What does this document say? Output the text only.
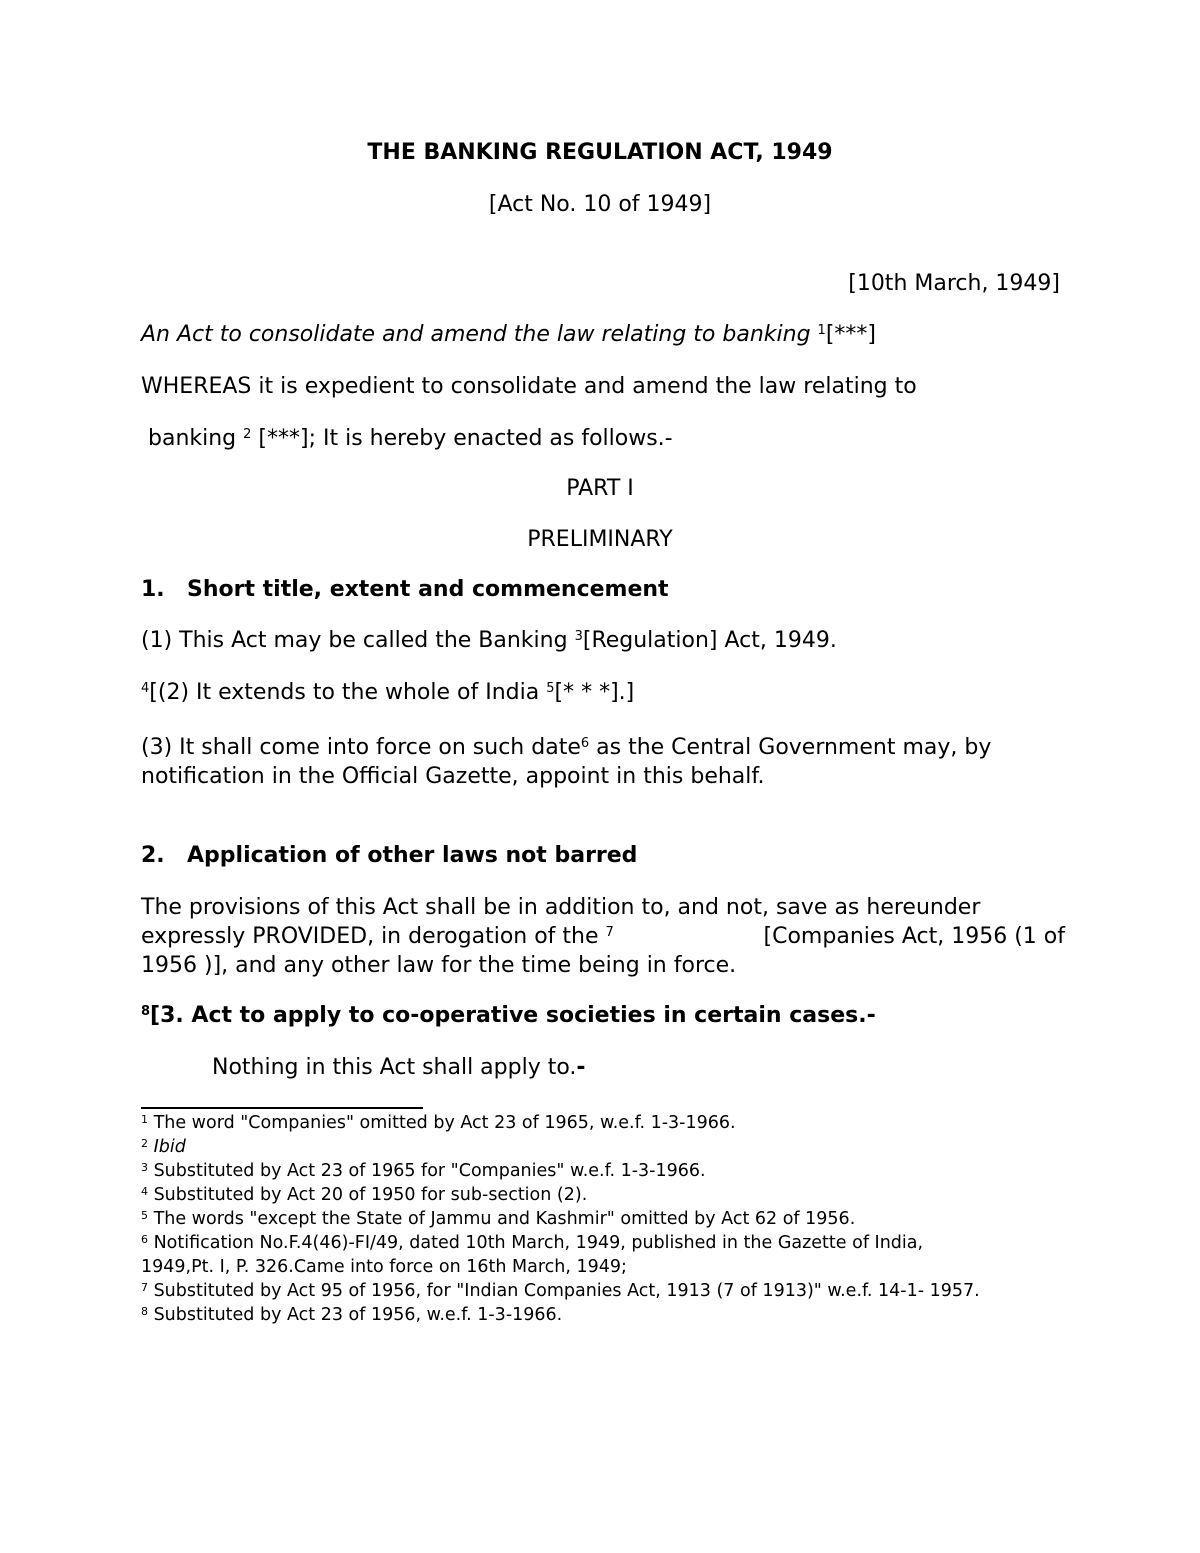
THE BANKING REGULATION ACT, 1949
[Act No. 10 of 1949]
[10th March, 1949]
An Act to consolidate and amend the law relating to banking $^1$[***]
WHEREAS it is expedient to consolidate and amend the law relating to
banking $^2$ [***]; It is hereby enacted as follows.-
PART I
PRELIMINARY
1. Short title, extent and commencement
(1) This Act may be called the Banking $^3$[Regulation] Act, 1949.
$^4$[(2) It extends to the whole of India $^5$[* * *].]
(3) It shall come into force on such date$^6$ as the Central Government may, by
notification in the Official Gazette, appoint in this behalf.
2. Application of other laws not barred
The provisions of this Act shall be in addition to, and not, save as hereunder
expressly PROVIDED, in derogation of the $^7$	[Companies Act, 1956 (1 of
1956 )], and any other law for the time being in force.
$^8$[3. Act to apply to co-operative societies in certain cases.-
Nothing in this Act shall apply to.-
$^1$ The word "Companies" omitted by Act 23 of 1965, w.e.f. 1-3-1966.
$^2$ Ibid
$^3$ Substituted by Act 23 of 1965 for "Companies" w.e.f. 1-3-1966.
$^4$ Substituted by Act 20 of 1950 for sub-section (2).
$^5$ The words "except the State of Jammu and Kashmir" omitted by Act 62 of 1956.
$^6$ Notification No.F.4(46)-FI/49, dated 10th March, 1949, published in the Gazette of India,
1949,Pt. I, P. 326.Came into force on 16th March, 1949;
$^7$ Substituted by Act 95 of 1956, for "Indian Companies Act, 1913 (7 of 1913)" w.e.f. 14-1- 1957.
$^8$ Substituted by Act 23 of 1956, w.e.f. 1-3-1966.
